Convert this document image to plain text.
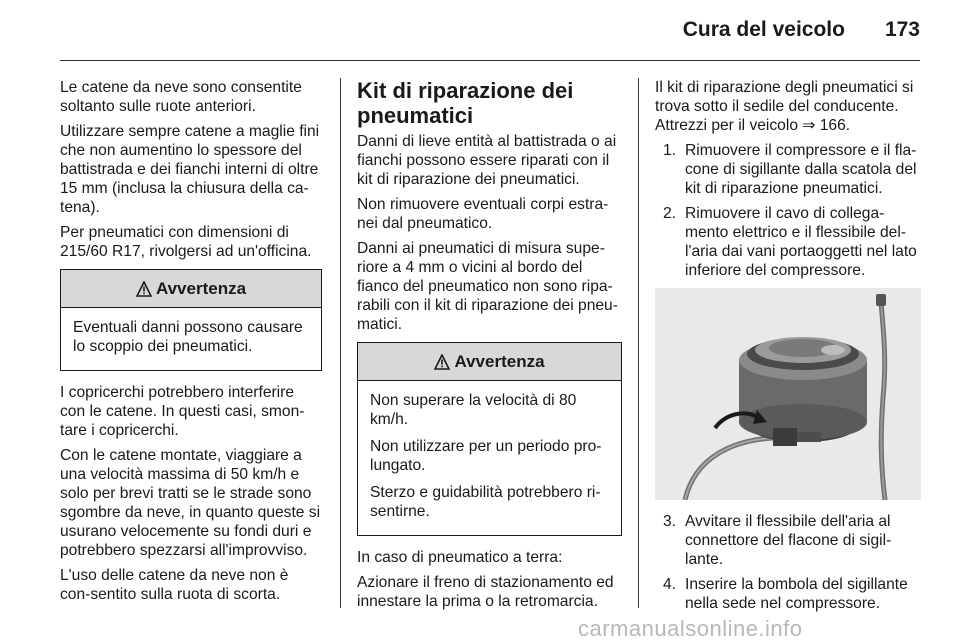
Cura del veicolo 173

Le catene da neve sono consentite soltanto sulle ruote anteriori.

Utilizzare sempre catene a maglie fini che non aumentino lo spessore del battistrada e dei fianchi interni di oltre 15 mm (inclusa la chiusura della ca-tena).

Per pneumatici con dimensioni di 215/60 R17, rivolgersi ad un'officina.

Avvertenza

Eventuali danni possono causare lo scoppio dei pneumatici.

I copricerchi potrebbero interferire con le catene. In questi casi, smon-tare i copricerchi.

Con le catene montate, viaggiare a una velocità massima di 50 km/h e solo per brevi tratti se le strade sono sgombre da neve, in quanto queste si usurano velocemente su fondi duri e potrebbero spezzarsi all'improvviso.

L'uso delle catene da neve non è con-sentito sulla ruota di scorta.

Kit di riparazione dei pneumatici

Danni di lieve entità al battistrada o ai fianchi possono essere riparati con il kit di riparazione dei pneumatici.

Non rimuovere eventuali corpi estra-nei dal pneumatico.

Danni ai pneumatici di misura supe-riore a 4 mm o vicini al bordo del fianco del pneumatico non sono ripa-rabili con il kit di riparazione dei pneu-matici.

Avvertenza

Non superare la velocità di 80 km/h.

Non utilizzare per un periodo pro-lungato.

Sterzo e guidabilità potrebbero ri-sentirne.

In caso di pneumatico a terra:

Azionare il freno di stazionamento ed innestare la prima o la retromarcia.

Il kit di riparazione degli pneumatici si trova sotto il sedile del conducente. Attrezzi per il veicolo ⇒ 166.

1. Rimuovere il compressore e il fla-cone di sigillante dalla scatola del kit di riparazione pneumatici.
2. Rimuovere il cavo di collega-mento elettrico e il flessibile del-l'aria dai vani portaoggetti nel lato inferiore del compressore.
3. Avvitare il flessibile dell'aria al connettore del flacone di sigil-lante.
4. Inserire la bombola del sigillante nella sede nel compressore.
carmanualsonline.info
